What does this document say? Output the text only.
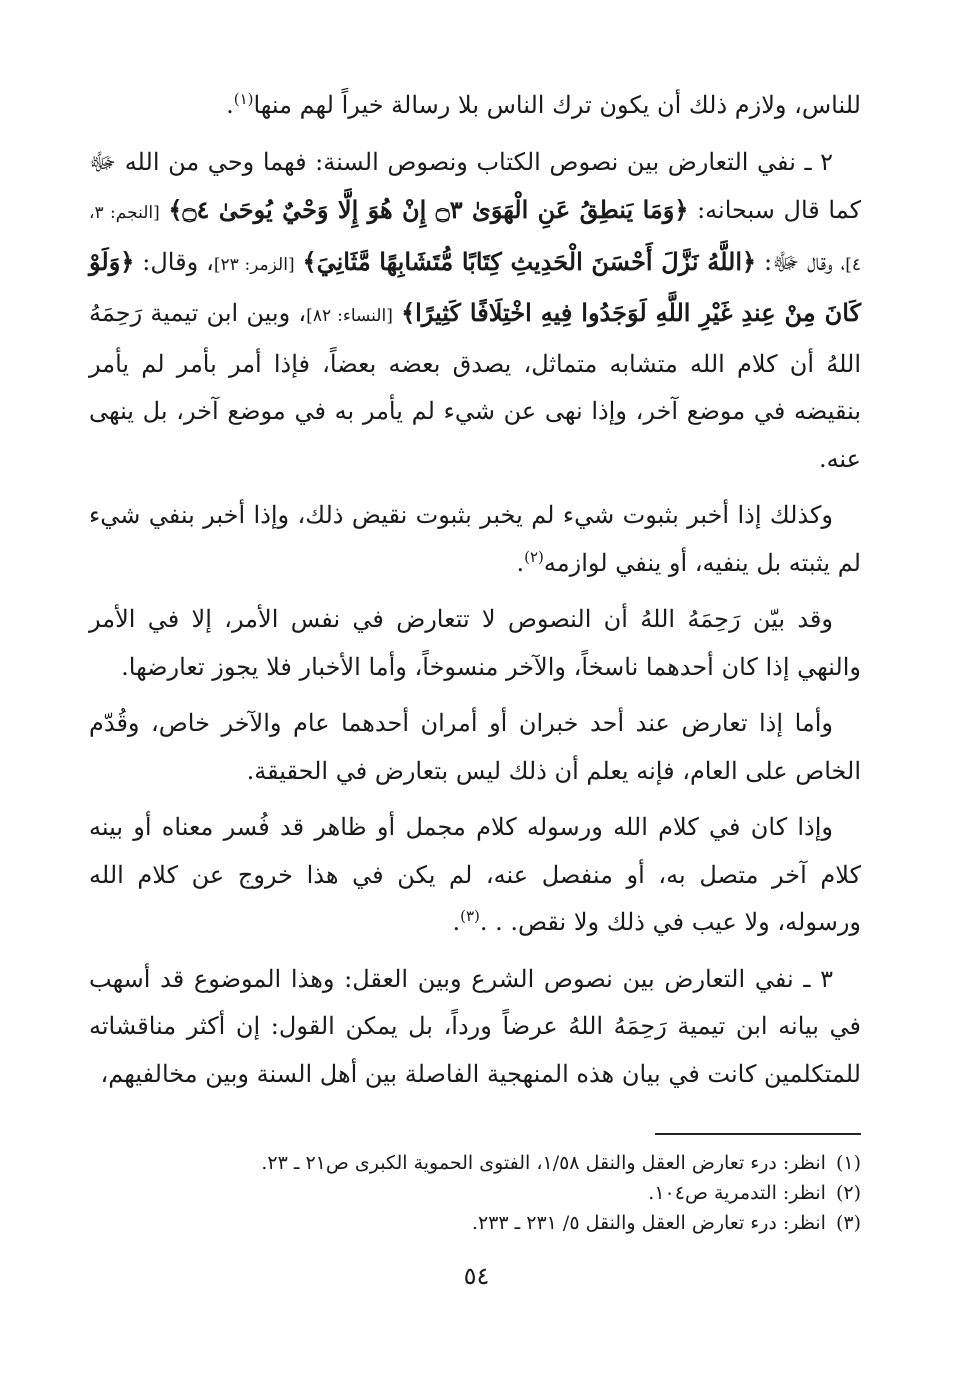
للناس، ولازم ذلك أن يكون ترك الناس بلا رسالة خيراً لهم منها$^{(١)}$.

٢ ـ نفي التعارض بين نصوص الكتاب ونصوص السنة: فهما وحي من الله ﷻ كما قال سبحانه: ﴿وَمَا يَنطِقُ عَنِ الْهَوَىٰ ۝٣ إِنْ هُوَ إِلَّا وَحْيٌ يُوحَىٰ ۝٤﴾ [النجم: ٣، ٤]، وقال ﷻ: ﴿اللَّهُ نَزَّلَ أَحْسَنَ الْحَدِيثِ كِتَابًا مُّتَشَابِهًا مَّثَانِيَ﴾ [الزمر: ٢٣]، وقال: ﴿وَلَوْ كَانَ مِنْ عِندِ غَيْرِ اللَّهِ لَوَجَدُوا فِيهِ اخْتِلَافًا كَثِيرًا﴾ [النساء: ٨٢]، وبين ابن تيمية رَحِمَهُ اللهُ أن كلام الله متشابه متماثل، يصدق بعضه بعضاً، فإذا أمر بأمر لم يأمر بنقيضه في موضع آخر، وإذا نهى عن شيء لم يأمر به في موضع آخر، بل ينهى عنه.

وكذلك إذا أخبر بثبوت شيء لم يخبر بثبوت نقيض ذلك، وإذا أخبر بنفي شيء لم يثبته بل ينفيه، أو ينفي لوازمه$^{(٢)}$.

وقد بيّن رَحِمَهُ اللهُ أن النصوص لا تتعارض في نفس الأمر، إلا في الأمر والنهي إذا كان أحدهما ناسخاً، والآخر منسوخاً، وأما الأخبار فلا يجوز تعارضها.

وأما إذا تعارض عند أحد خبران أو أمران أحدهما عام والآخر خاص، وقُدّم الخاص على العام، فإنه يعلم أن ذلك ليس بتعارض في الحقيقة.

وإذا كان في كلام الله ورسوله كلام مجمل أو ظاهر قد فُسر معناه أو بينه كلام آخر متصل به، أو منفصل عنه، لم يكن في هذا خروج عن كلام الله ورسوله، ولا عيب في ذلك ولا نقص. . .$^{(٣)}$.

٣ ـ نفي التعارض بين نصوص الشرع وبين العقل: وهذا الموضوع قد أسهب في بيانه ابن تيمية رَحِمَهُ اللهُ عرضاً ورداً، بل يمكن القول: إن أكثر مناقشاته للمتكلمين كانت في بيان هذه المنهجية الفاصلة بين أهل السنة وبين مخالفيهم،

(١)انظر: درء تعارض العقل والنقل ١/٥٨، الفتوى الحموية الكبرى ص٢١ ـ ٢٣.

(٢)انظر: التدمرية ص١٠٤.

(٣)انظر: درء تعارض العقل والنقل ٥/ ٢٣١ ـ ٢٣٣.

٥٤
